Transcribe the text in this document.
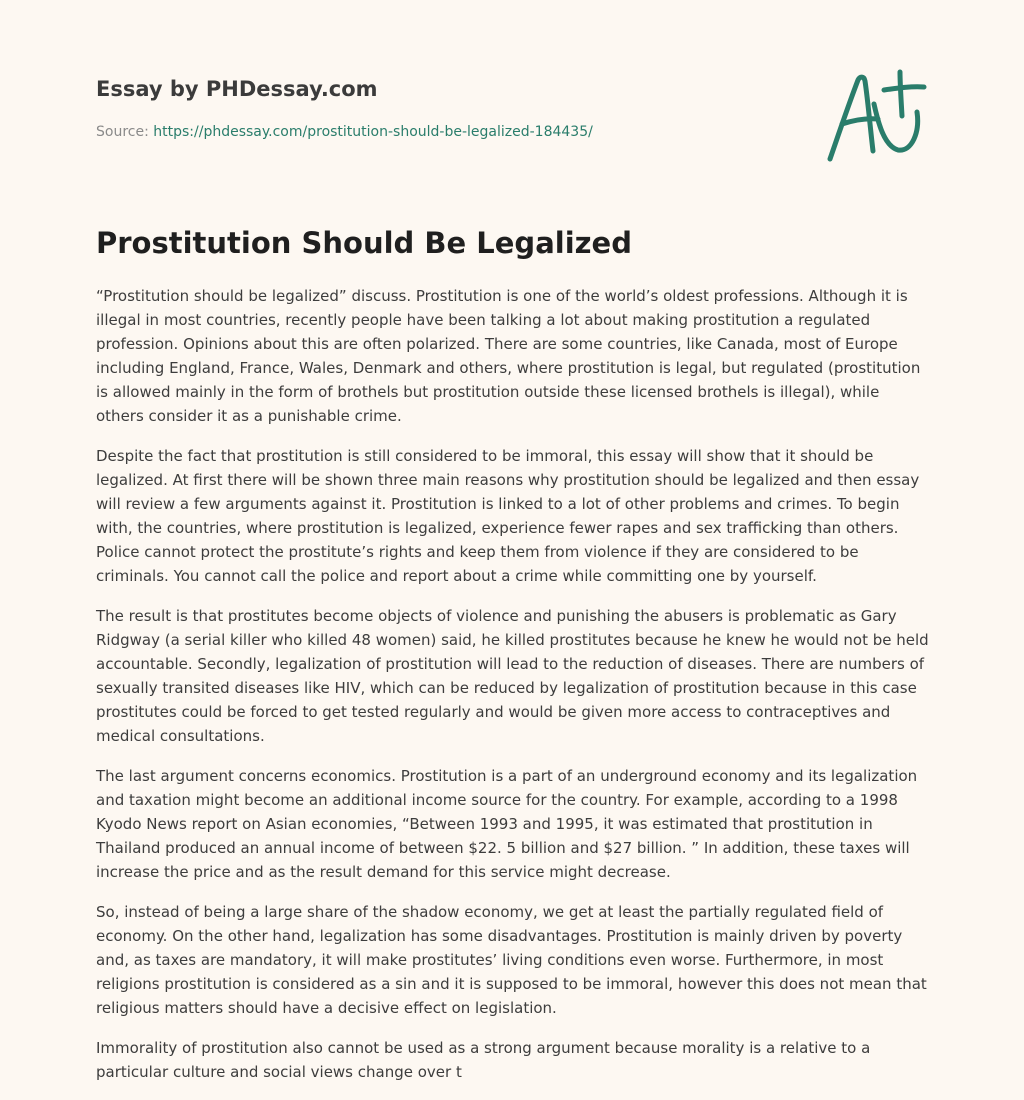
Essay by PHDessay.com
Source: https://phdessay.com/prostitution-should-be-legalized-184435/
Prostitution Should Be Legalized

“Prostitution should be legalized” discuss. Prostitution is one of the world’s oldest professions. Although it is illegal in most countries, recently people have been talking a lot about making prostitution a regulated profession. Opinions about this are often polarized. There are some countries, like Canada, most of Europe including England, France, Wales, Denmark and others, where prostitution is legal, but regulated (prostitution is allowed mainly in the form of brothels but prostitution outside these licensed brothels is illegal), while others consider it as a punishable crime.

Despite the fact that prostitution is still considered to be immoral, this essay will show that it should be legalized. At first there will be shown three main reasons why prostitution should be legalized and then essay will review a few arguments against it. Prostitution is linked to a lot of other problems and crimes. To begin with, the countries, where prostitution is legalized, experience fewer rapes and sex trafficking than others. Police cannot protect the prostitute’s rights and keep them from violence if they are considered to be criminals. You cannot call the police and report about a crime while committing one by yourself.

The result is that prostitutes become objects of violence and punishing the abusers is problematic as Gary Ridgway (a serial killer who killed 48 women) said, he killed prostitutes because he knew he would not be held accountable. Secondly, legalization of prostitution will lead to the reduction of diseases. There are numbers of sexually transited diseases like HIV, which can be reduced by legalization of prostitution because in this case prostitutes could be forced to get tested regularly and would be given more access to contraceptives and medical consultations.

The last argument concerns economics. Prostitution is a part of an underground economy and its legalization and taxation might become an additional income source for the country. For example, according to a 1998 Kyodo News report on Asian economies, “Between 1993 and 1995, it was estimated that prostitution in Thailand produced an annual income of between $22. 5 billion and $27 billion. ” In addition, these taxes will increase the price and as the result demand for this service might decrease.

So, instead of being a large share of the shadow economy, we get at least the partially regulated field of economy. On the other hand, legalization has some disadvantages. Prostitution is mainly driven by poverty and, as taxes are mandatory, it will make prostitutes’ living conditions even worse. Furthermore, in most religions prostitution is considered as a sin and it is supposed to be immoral, however this does not mean that religious matters should have a decisive effect on legislation.

Immorality of prostitution also cannot be used as a strong argument because morality is a relative to a particular culture and social views change over t
